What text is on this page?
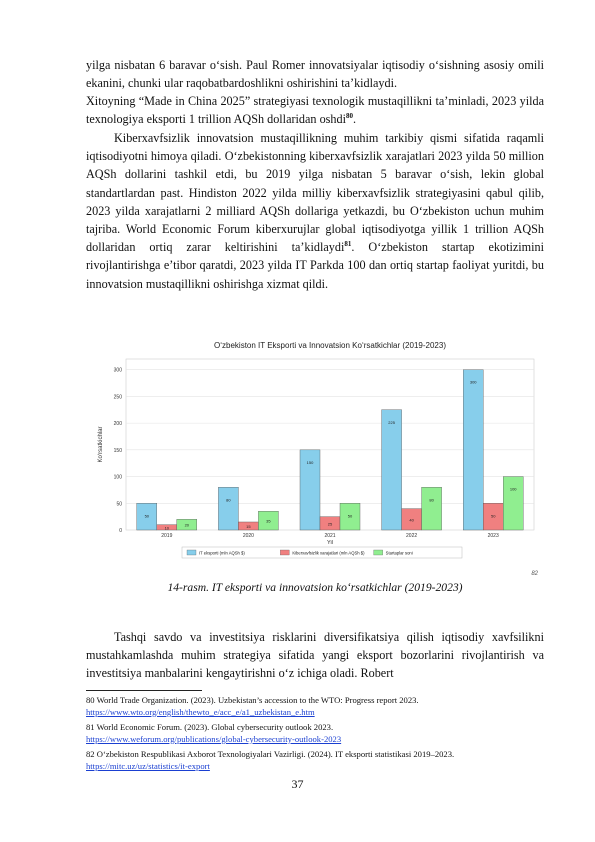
yilga nisbatan 6 baravar o‘sish. Paul Romer innovatsiyalar iqtisodiy o‘sishning asosiy omili ekanini, chunki ular raqobatbardoshlikni oshirishini ta’kidlaydi.

Xitoyning “Made in China 2025” strategiyasi texnologik mustaqillikni ta’minladi, 2023 yilda texnologiya eksporti 1 trillion AQSh dollaridan oshdi$^{80}$.

Kiberxavfsizlik innovatsion mustaqillikning muhim tarkibiy qismi sifatida raqamli iqtisodiyotni himoya qiladi. O‘zbekistonning kiberxavfsizlik xarajatlari 2023 yilda 50 million AQSh dollarini tashkil etdi, bu 2019 yilga nisbatan 5 baravar o‘sish, lekin global standartlardan past. Hindiston 2022 yilda milliy kiberxavfsizlik strategiyasini qabul qilib, 2023 yilda xarajatlarni 2 milliard AQSh dollariga yetkazdi, bu O‘zbekiston uchun muhim tajriba. World Economic Forum kiberxurujlar global iqtisodiyotga yillik 1 trillion AQSh dollaridan ortiq zarar keltirishini ta’kidlaydi$^{81}$. O‘zbekiston startap ekotizimini rivojlantirishga e’tibor qaratdi, 2023 yilda IT Parkda 100 dan ortiq startap faoliyat yuritdi, bu innovatsion mustaqillikni oshirishga xizmat qildi.

O‘zbekiston IT Eksporti va Innovatsion Ko‘rsatkichlar (2019-2023)
0
50
100
150
200
250
300
Ko‘rsatkichlar
50
10
20
2019
80
15
35
2020
150
25
50
2021
225
40
80
2022
300
50
100
2023
Yil
IT eksporti (mln AQSh $)	Kiberxavfsizlik xarajatlari (mln AQSh $)	Startaplar soni
82
14-rasm. IT eksporti va innovatsion ko‘rsatkichlar (2019-2023)

Tashqi savdo va investitsiya risklarini diversifikatsiya qilish iqtisodiy xavfsilikni mustahkamlashda muhim strategiya sifatida yangi eksport bozorlarini rivojlantirish va investitsiya manbalarini kengaytirishni o‘z ichiga oladi. Robert

80 World Trade Organization. (2023). Uzbekistan’s accession to the WTO: Progress report 2023.
https://www.wto.org/english/thewto_e/acc_e/a1_uzbekistan_e.htm

81 World Economic Forum. (2023). Global cybersecurity outlook 2023.
https://www.weforum.org/publications/global-cybersecurity-outlook-2023

82 O‘zbekiston Respublikasi Axborot Texnologiyalari Vazirligi. (2024). IT eksporti statistikasi 2019–2023.
https://mitc.uz/uz/statistics/it-export

37
